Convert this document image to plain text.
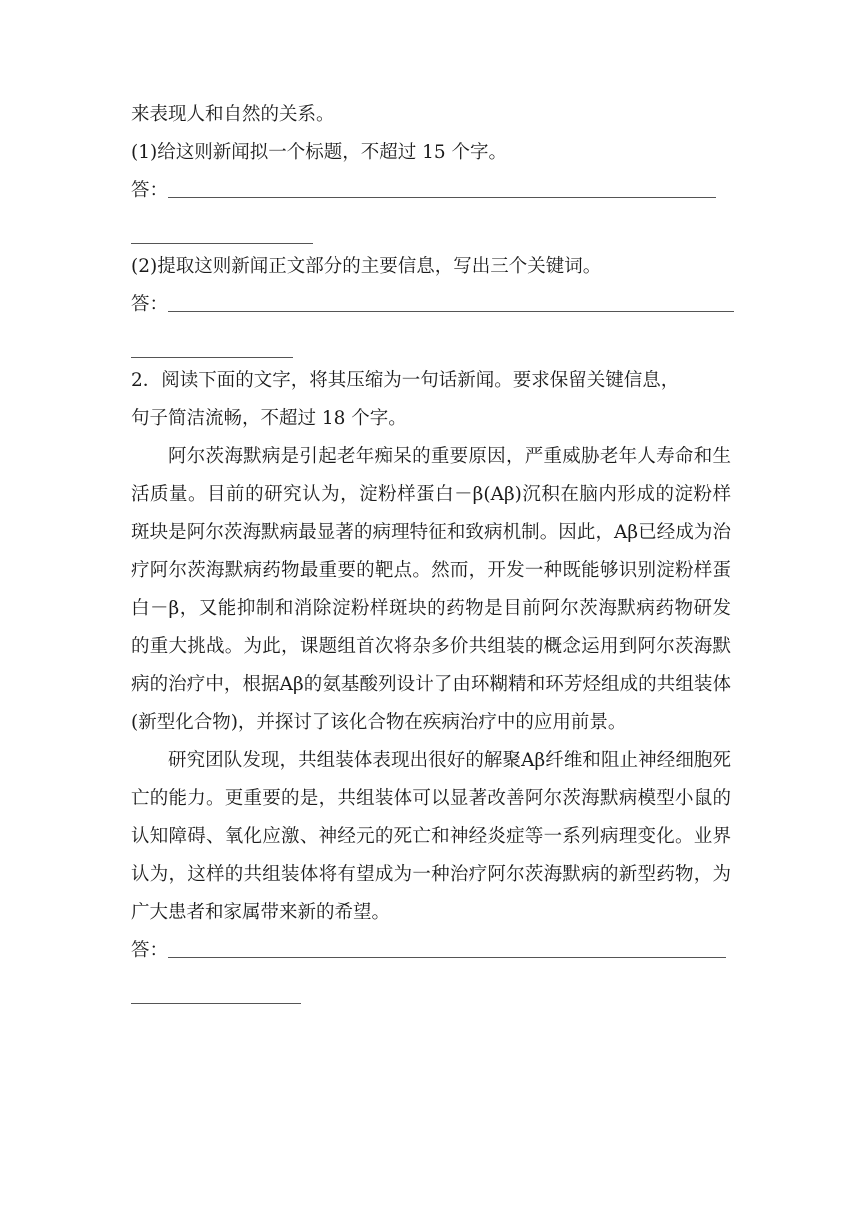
来表现人和自然的关系。
(1)给这则新闻拟一个标题，不超过 15 个字。
答：
(2)提取这则新闻正文部分的主要信息，写出三个关键词。
答：
2．阅读下面的文字，将其压缩为一句话新闻。要求保留关键信息，
句子简洁流畅，不超过 18 个字。

阿尔茨海默病是引起老年痴呆的重要原因，严重威胁老年人寿命和生活质量。目前的研究认为，淀粉样蛋白－β(Aβ)沉积在脑内形成的淀粉样斑块是阿尔茨海默病最显著的病理特征和致病机制。因此，Aβ已经成为治疗阿尔茨海默病药物最重要的靶点。然而，开发一种既能够识别淀粉样蛋白－β，又能抑制和消除淀粉样斑块的药物是目前阿尔茨海默病药物研发的重大挑战。为此，课题组首次将杂多价共组装的概念运用到阿尔茨海默病的治疗中，根据Aβ的氨基酸列设计了由环糊精和环芳烃组成的共组装体(新型化合物)，并探讨了该化合物在疾病治疗中的应用前景。

研究团队发现，共组装体表现出很好的解聚Aβ纤维和阻止神经细胞死亡的能力。更重要的是，共组装体可以显著改善阿尔茨海默病模型小鼠的认知障碍、氧化应激、神经元的死亡和神经炎症等一系列病理变化。业界认为，这样的共组装体将有望成为一种治疗阿尔茨海默病的新型药物，为广大患者和家属带来新的希望。

答：
